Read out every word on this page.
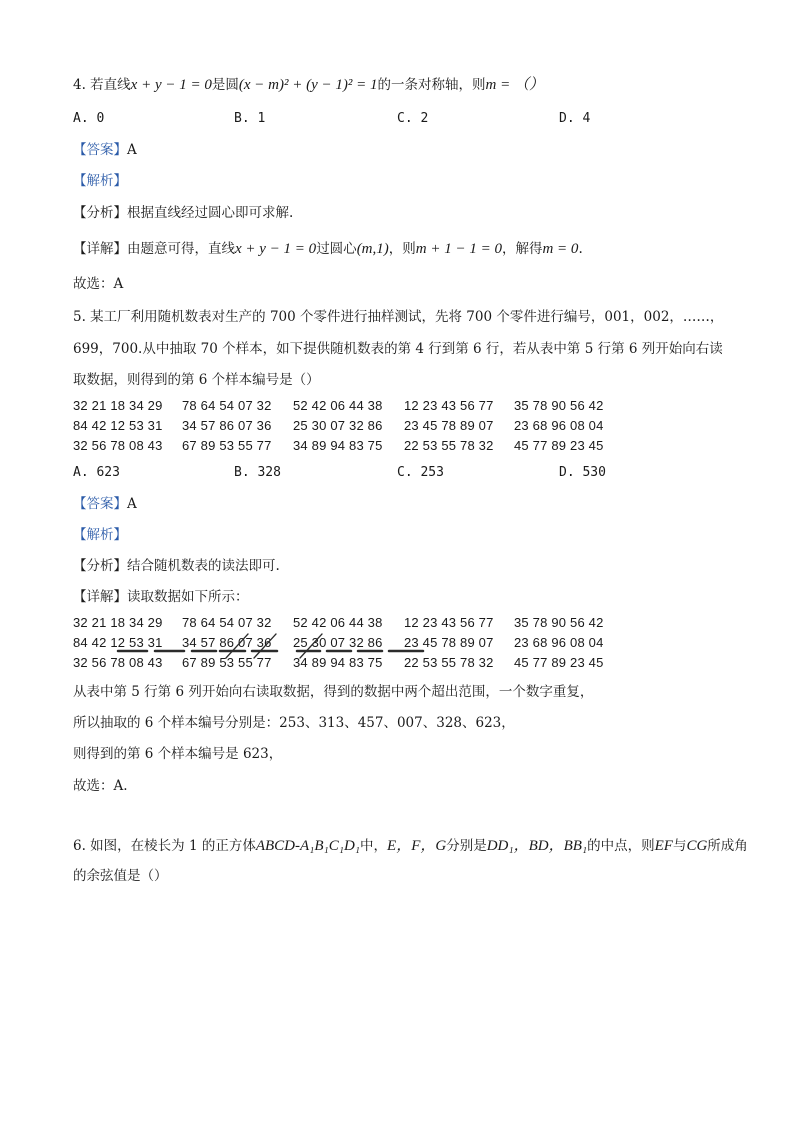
4. 若直线x + y − 1 = 0是圆(x − m)² + (y − 1)² = 1的一条对称轴，则m = （）
A. 0	B. 1	C. 2	D. 4
【答案】A
【解析】
【分析】根据直线经过圆心即可求解.
【详解】由题意可得，直线x + y − 1 = 0过圆心(m,1)，则m + 1 − 1 = 0，解得m = 0.
故选：A
5. 某工厂利用随机数表对生产的 700 个零件进行抽样测试，先将 700 个零件进行编号，001，002，……，
699，700.从中抽取 70 个样本，如下提供随机数表的第 4 行到第 6 行，若从表中第 5 行第 6 列开始向右读
取数据，则得到的第 6 个样本编号是（）
32 21 18 34 29 78 64 54 07 32 52 42 06 44 38 12 23 43 56 77 35 78 90 56 42
84 42 12 53 31 34 57 86 07 36 25 30 07 32 86 23 45 78 89 07 23 68 96 08 04
32 56 78 08 43 67 89 53 55 77 34 89 94 83 75 22 53 55 78 32 45 77 89 23 45
A. 623	B. 328	C. 253	D. 530
【答案】A
【解析】
【分析】结合随机数表的读法即可.
【详解】读取数据如下所示：
32 21 18 34 29 78 64 54 07 32 52 42 06 44 38 12 23 43 56 77 35 78 90 56 42
84 42 12 53 31 34 57 86 07 36 25 30 07 32 86 23 45 78 89 07 23 68 96 08 04
32 56 78 08 43 67 89 53 55 77 34 89 94 83 75 22 53 55 78 32 45 77 89 23 45
从表中第 5 行第 6 列开始向右读取数据，得到的数据中两个超出范围，一个数字重复，
所以抽取的 6 个样本编号分别是：253、313、457、007、328、623，
则得到的第 6 个样本编号是 623，
故选：A.
6. 如图，在棱长为 1 的正方体ABCD-A₁B₁C₁D₁中，E，F，G分别是DD₁，BD，BB₁的中点，则EF与CG所成角
的余弦值是（）
